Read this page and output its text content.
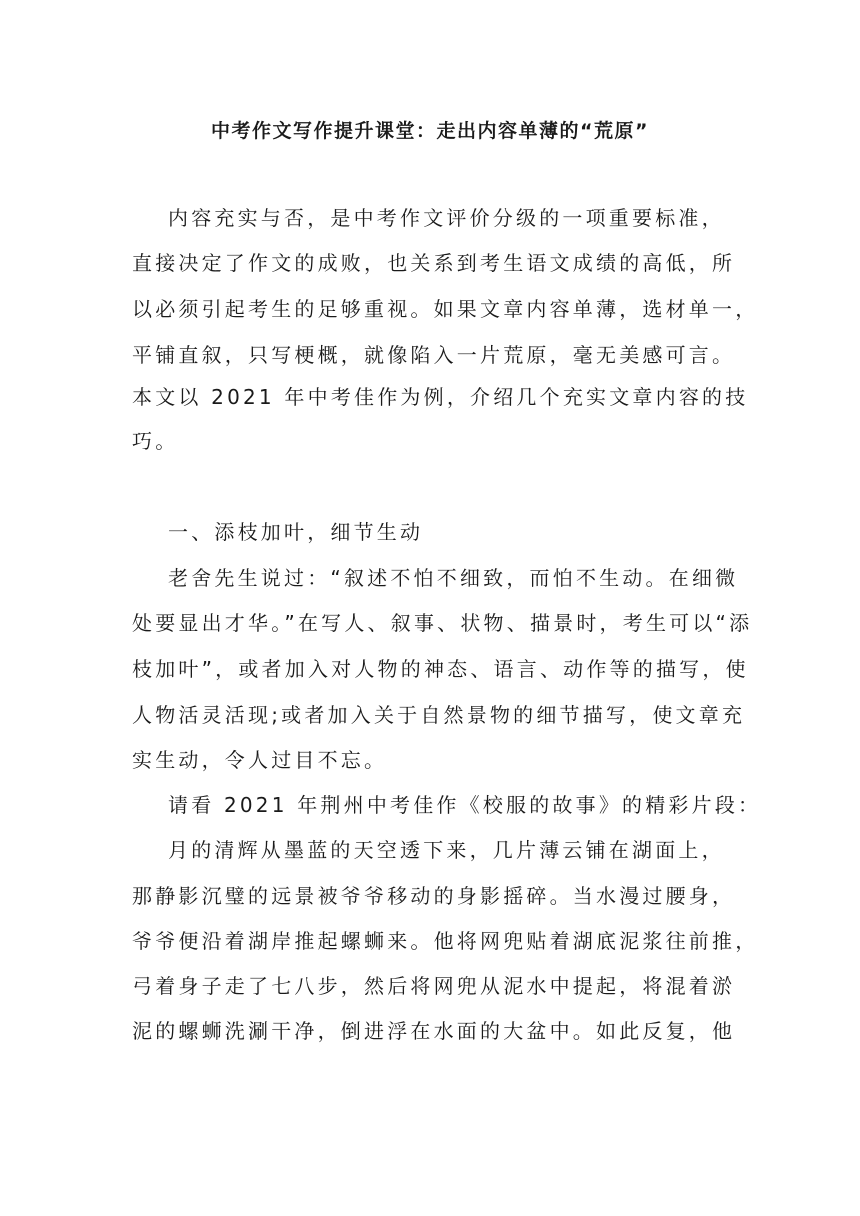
中考作文写作提升课堂：走出内容单薄的“荒原”
内容充实与否，是中考作文评价分级的一项重要标准，
直接决定了作文的成败，也关系到考生语文成绩的高低，所
以必须引起考生的足够重视。如果文章内容单薄，选材单一，
平铺直叙，只写梗概，就像陷入一片荒原，毫无美感可言。
本文以 2021 年中考佳作为例，介绍几个充实文章内容的技
巧。
一、添枝加叶，细节生动
老舍先生说过：“叙述不怕不细致，而怕不生动。在细微
处要显出才华。”在写人、叙事、状物、描景时，考生可以“添
枝加叶”，或者加入对人物的神态、语言、动作等的描写，使
人物活灵活现;或者加入关于自然景物的细节描写，使文章充
实生动，令人过目不忘。
请看 2021 年荆州中考佳作《校服的故事》的精彩片段：
月的清辉从墨蓝的天空透下来，几片薄云铺在湖面上，
那静影沉璧的远景被爷爷移动的身影摇碎。当水漫过腰身，
爷爷便沿着湖岸推起螺蛳来。他将网兜贴着湖底泥浆往前推，
弓着身子走了七八步，然后将网兜从泥水中提起，将混着淤
泥的螺蛳洗涮干净，倒进浮在水面的大盆中。如此反复，他
